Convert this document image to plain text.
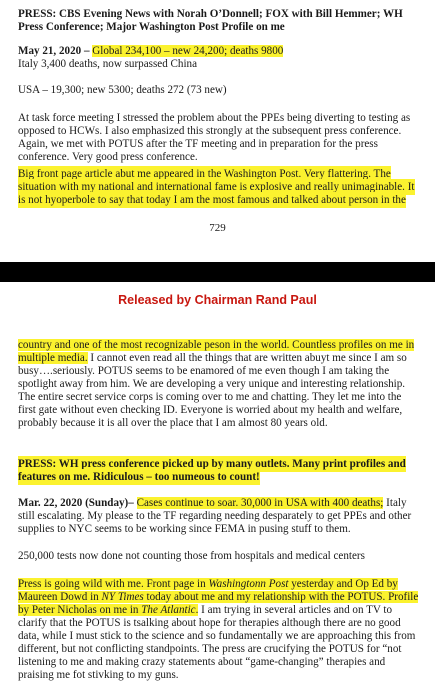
PRESS: CBS Evening News with Norah O’Donnell; FOX with Bill Hemmer; WH Press Conference; Major Washington Post Profile on me
May 21, 2020 – Global 234,100 – new 24,200; deaths 9800
Italy 3,400 deaths, now surpassed China
USA – 19,300; new 5300; deaths 272 (73 new)
At task force meeting I stressed the problem about the PPEs being diverting to testing as opposed to HCWs. I also emphasized this strongly at the subsequent press conference. Again, we met with POTUS after the TF meeting and in preparation for the press conference. Very good press conference.
Big front page article abut me appeared in the Washington Post. Very flattering. The situation with my national and international fame is explosive and really unimaginable. It is not hyoperbole to say that today I am the most famous and talked about person in the
729
Released by Chairman Rand Paul
country and one of the most recognizable peson in the world. Countless profiles on me in multiple media. I cannot even read all the things that are written abuyt me since I am so busy….seriously. POTUS seems to be enamored of me even though I am taking the spotlight away from him. We are developing a very unique and interesting relationship. The entire secret service corps is coming over to me and chatting. They let me into the first gate without even checking ID. Everyone is worried about my health and welfare, probably because it is all over the place that I am almost 80 years old.
PRESS: WH press conference picked up by many outlets. Many print profiles and features on me. Ridiculous – too numeous to count!
Mar. 22, 2020 (Sunday)– Cases continue to soar. 30,000 in USA with 400 deaths; Italy still escalating. My please to the TF regarding needing desparately to get PPEs and other supplies to NYC seems to be working since FEMA in pusing stuff to them.
250,000 tests now done not counting those from hospitals and medical centers
Press is going wild with me. Front page in Washingtonn Post yesterday and Op Ed by Maureen Dowd in NY Times today about me and my relationship with the POTUS. Profile by Peter Nicholas on me in The Atlantic. I am trying in several articles and on TV to clarify that the POTUS is tsalking about hope for therapies although there are no good data, while I must stick to the science and so fundamentally we are approaching this from different, but not conflicting standpoints. The press are crucifying the POTUS for “not listening to me and making crazy statements about “game-changing” therapies and praising me fot stivking to my guns.
